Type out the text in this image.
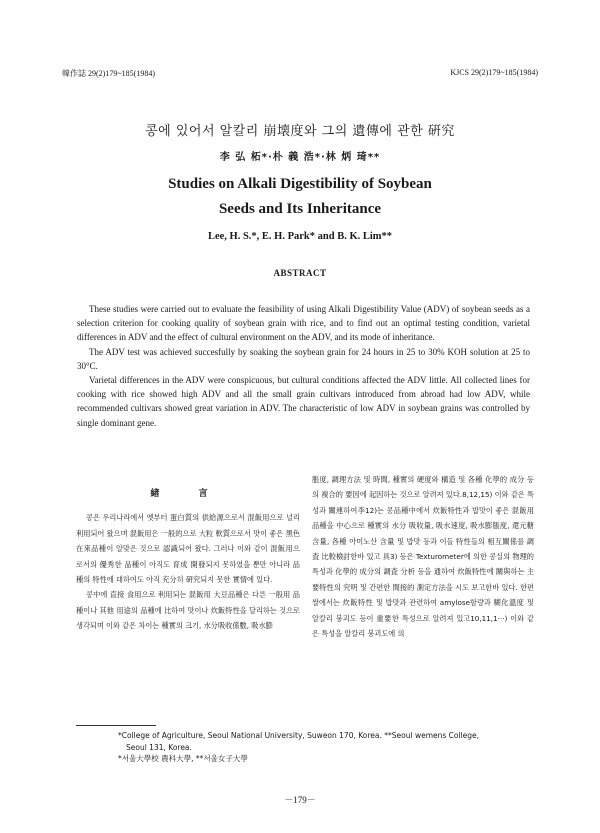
韓作誌 29(2)179~185(1984)	KJCS 29(2)179~185(1984)
콩에 있어서 알칼리 崩壊度와 그의 遺傳에 관한 硏究
李 弘 柘*·朴 義 浩*·林 炳 琦**
Studies on Alkali Digestibility of Soybean
Seeds and Its Inheritance
Lee, H. S.*, E. H. Park* and B. K. Lim**
ABSTRACT

These studies were carried out to evaluate the feasibility of using Alkali Digestibility Value (ADV) of soybean seeds as a selection criterion for cooking quality of soybean grain with rice, and to find out an optimal testing condition, varietal differences in ADV and the effect of cultural environment on the ADV, and its mode of inheritance.

The ADV test was achieved succesfully by soaking the soybean grain for 24 hours in 25 to 30% KOH solution at 25 to 30°C.

Varietal differences in the ADV were conspicuous, but cultural conditions affected the ADV little. All collected lines for cooking with rice showed high ADV and all the small grain cultivars introduced from abroad had low ADV, while recommended cultivars showed great variation in ADV. The characteristic of low ADV in soybean grains was controlled by single dominant gene.

緖 言

콩은 우리나라에서 옛부터 蛋白質의 供給源으로서 混飯用으로 널리 利用되어 왔으며 混飯用은 一般的으로 大粒 軟質으로서 맛이 좋은 黑色 在來品種이 알맞은 것으로 認識되어 왔다. 그러나 이와 같이 混飯用으로서의 優秀한 品種이 아직도 育成 開發되지 못하였을 뿐만 아니라 品種의 特性에 대하여도 아직 充分히 硏究되지 못한 實情에 있다.

콩中에 直接 食用으로 利用되는 混飯用 大豆品種은 다른 一般用 品種이나 其他 用途의 品種에 比하여 맛이나 炊飯特性을 달리하는 것으로 생각되며 이와 같은 차이는 種實의 크기, 水分吸收係數, 吸水膨

脹度, 調理方法 및 時間, 種實의 硬度와 構造 및 各種 化學的 成分 등의 複合的 要因에 起因하는 것으로 알려져 있다.8,12,15) 이와 같은 특성과 關連하여李12)는 콩品種中에서 炊飯特性과 밥맛이 좋은 混飯用 品種을 中心으로 種實의 水分 吸收量, 吸水速度, 吸水膨脹度, 還元糖 含量, 各種 아미노산 含量 및 밥맛 등과 이들 特性들의 相互關係를 調査 比較檢討한바 있고 具3) 등은 Texturometer에 의한 콩실의 物理的 특성과 化學的 成分의 調査 分析 등을 通하여 炊飯特性에 關與하는 主要特性의 究明 및 간편한 間接的 測定方法을 시도 보고한바 있다. 한편 쌀에서는 炊飯特性 및 밥맛과 관련하여 amylose함량과 糊化溫度 및 알칼리 붕괴도 등이 重要한 특성으로 알려져 있고10,11,1···) 이와 같은 특성을 알칼리 붕괴도에 의

*College of Agriculture, Seoul National University, Suweon 170, Korea. **Seoul wemens College,
Seoul 131, Korea.
*서울大學校 農科大學, **서울女子大學
－179－
